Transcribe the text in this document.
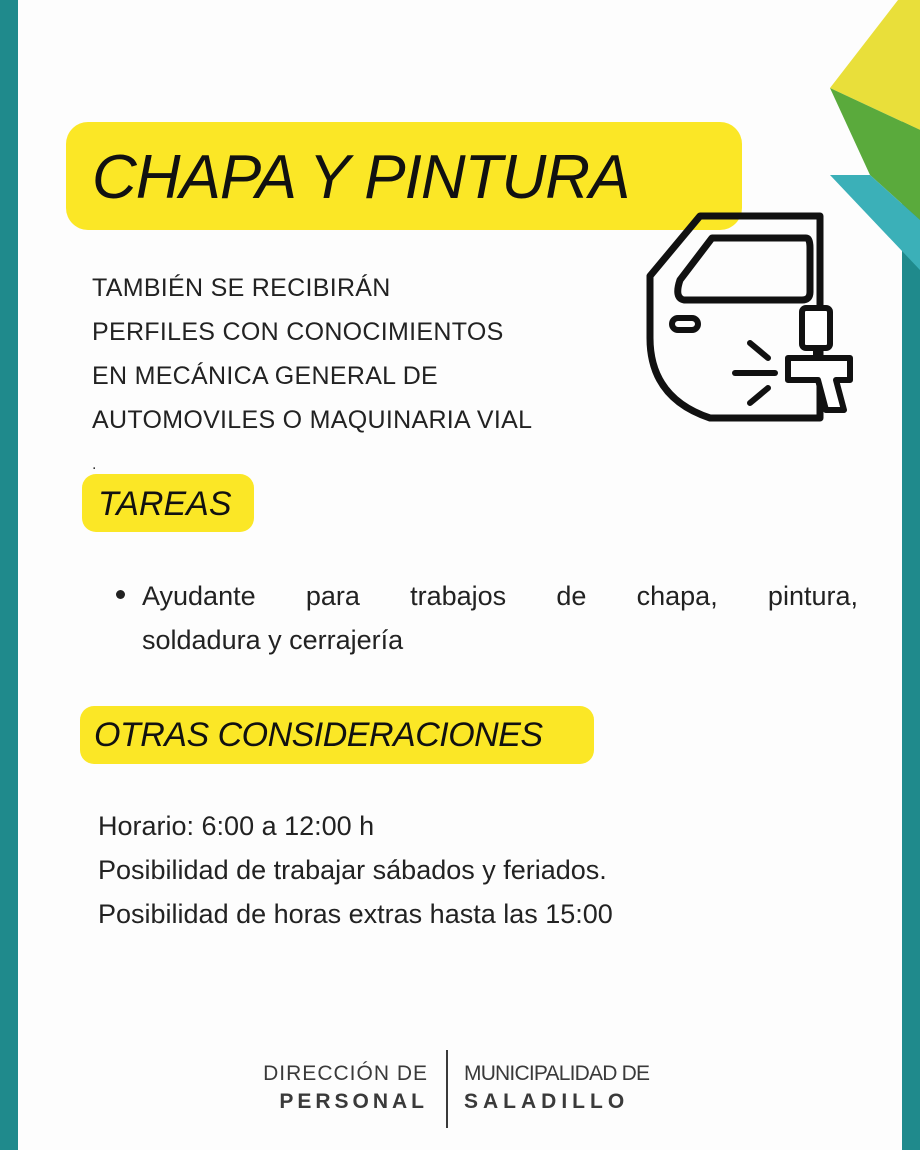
CHAPA Y PINTURA
TAMBIÉN SE RECIBIRÁN
PERFILES CON CONOCIMIENTOS
EN MECÁNICA GENERAL DE
AUTOMOVILES O MAQUINARIA VIAL
.
TAREAS
Ayudante para trabajos de chapa, pintura,
soldadura y cerrajería
OTRAS CONSIDERACIONES
Horario: 6:00 a 12:00 h
Posibilidad de trabajar sábados y feriados.
Posibilidad de horas extras hasta las 15:00
DIRECCIÓN DE
PERSONAL
MUNICIPALIDAD DE
SALADILLO
